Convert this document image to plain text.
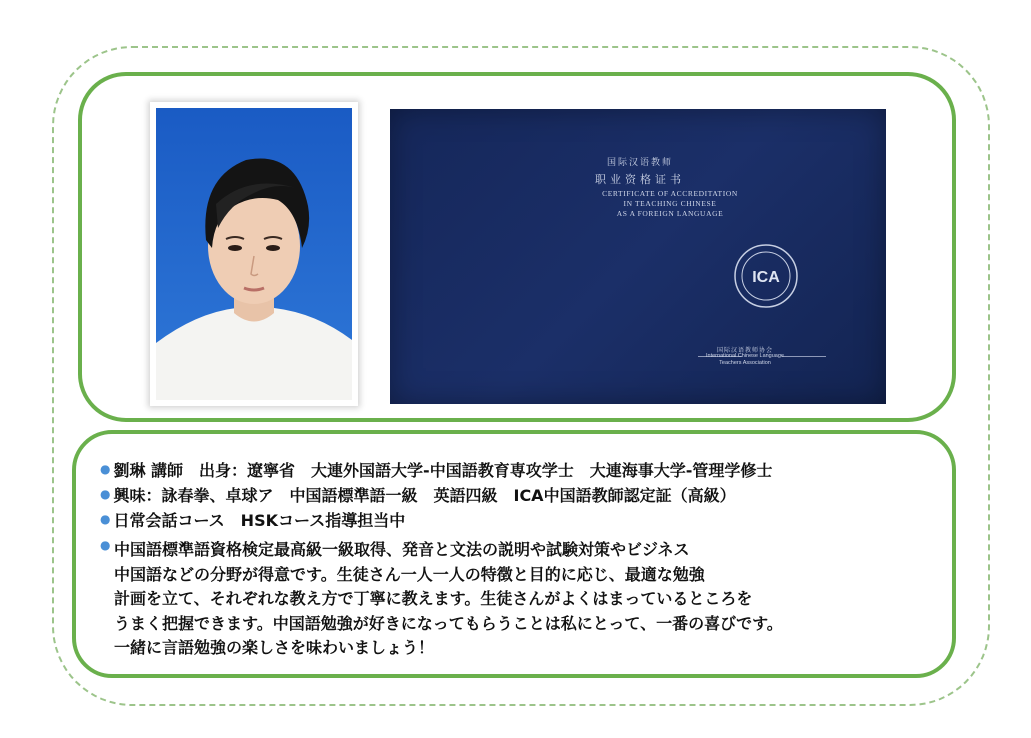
国际汉语教师
职业资格证书
CERTIFICATE OF ACCREDITATION
IN TEACHING CHINESE
AS A FOREIGN LANGUAGE
ICA
国际汉语教师协会
International Chinese Language
Teachers Association
● 劉琳 講師　出身：遼寧省　大連外国語大学-中国語教育専攻学士　大連海事大学-管理学修士
● 興味：詠春拳、卓球ア　中国語標準語一級　英語四級　ICA中国語教師認定証（高級）
● 日常会話コース　HSKコース指導担当中
● 中国語標準語資格検定最高級一級取得、発音と文法の説明や試験対策やビジネス
中国語などの分野が得意です。生徒さん一人一人の特徴と目的に応じ、最適な勉強
計画を立て、それぞれな教え方で丁寧に教えます。生徒さんがよくはまっているところを
うまく把握できます。中国語勉強が好きになってもらうことは私にとって、一番の喜びです。
一緒に言語勉強の楽しさを味わいましょう！
